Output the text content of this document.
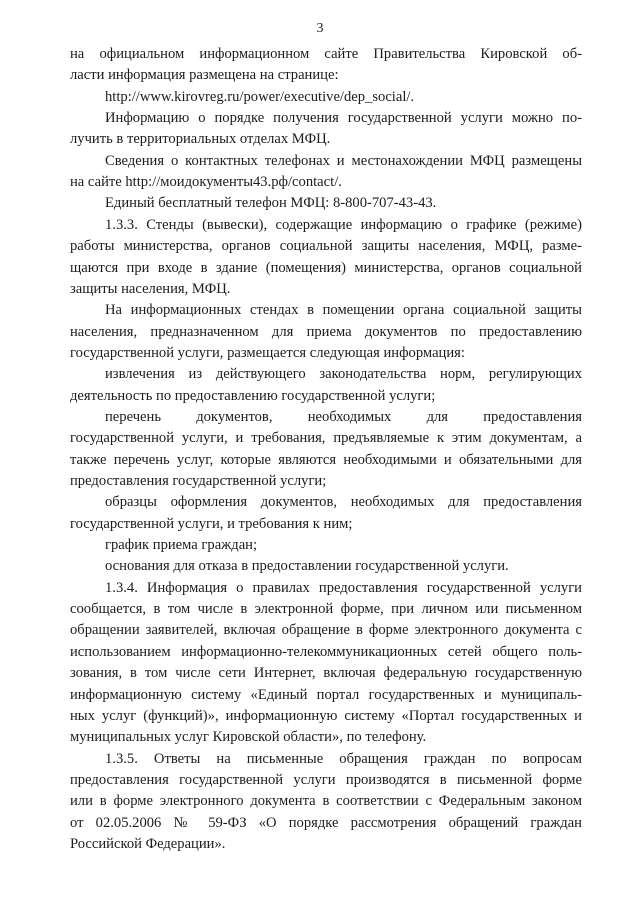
3
на официальном информационном сайте Правительства Кировской об-
ласти информация размещена на странице:
http://www.kirovreg.ru/power/executive/dep_social/.
Информацию о порядке получения государственной услуги можно по-
лучить в территориальных отделах МФЦ.
Сведения о контактных телефонах и местонахождении МФЦ размещены
на сайте http://моидокументы43.рф/contact/.
Единый бесплатный телефон МФЦ: 8-800-707-43-43.
1.3.3. Стенды (вывески), содержащие информацию о графике (режиме)
работы министерства, органов социальной защиты населения, МФЦ, разме-
щаются при входе в здание (помещения) министерства, органов социальной
защиты населения, МФЦ.
На информационных стендах в помещении органа социальной защиты
населения, предназначенном для приема документов по предоставлению
государственной услуги, размещается следующая информация:
извлечения из действующего законодательства норм, регулирующих
деятельность по предоставлению государственной услуги;
перечень документов, необходимых для предоставления
государственной услуги, и требования, предъявляемые к этим документам, а
также перечень услуг, которые являются необходимыми и обязательными для
предоставления государственной услуги;
образцы оформления документов, необходимых для предоставления
государственной услуги, и требования к ним;
график приема граждан;
основания для отказа в предоставлении государственной услуги.
1.3.4. Информация о правилах предоставления государственной услуги
сообщается, в том числе в электронной форме, при личном или письменном
обращении заявителей, включая обращение в форме электронного документа с
использованием информационно-телекоммуникационных сетей общего поль-
зования, в том числе сети Интернет, включая федеральную государственную
информационную систему «Единый портал государственных и муниципаль-
ных услуг (функций)», информационную систему «Портал государственных и
муниципальных услуг Кировской области», по телефону.
1.3.5. Ответы на письменные обращения граждан по вопросам
предоставления государственной услуги производятся в письменной форме
или в форме электронного документа в соответствии с Федеральным законом
от 02.05.2006 № 59-ФЗ «О порядке рассмотрения обращений граждан
Российской Федерации».
